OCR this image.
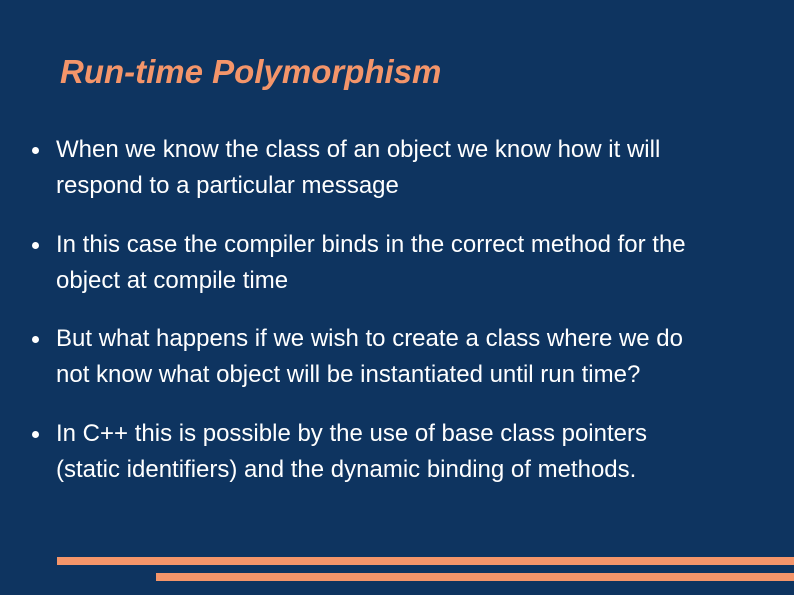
Run-time Polymorphism
When we know the class of an object we know how it will
respond to a particular message
In this case the compiler binds in the correct method for the
object at compile time
But what happens if we wish to create a class where we do
not know what object will be instantiated until run time?
In C++ this is possible by the use of base class pointers
(static identifiers) and the dynamic binding of methods.
